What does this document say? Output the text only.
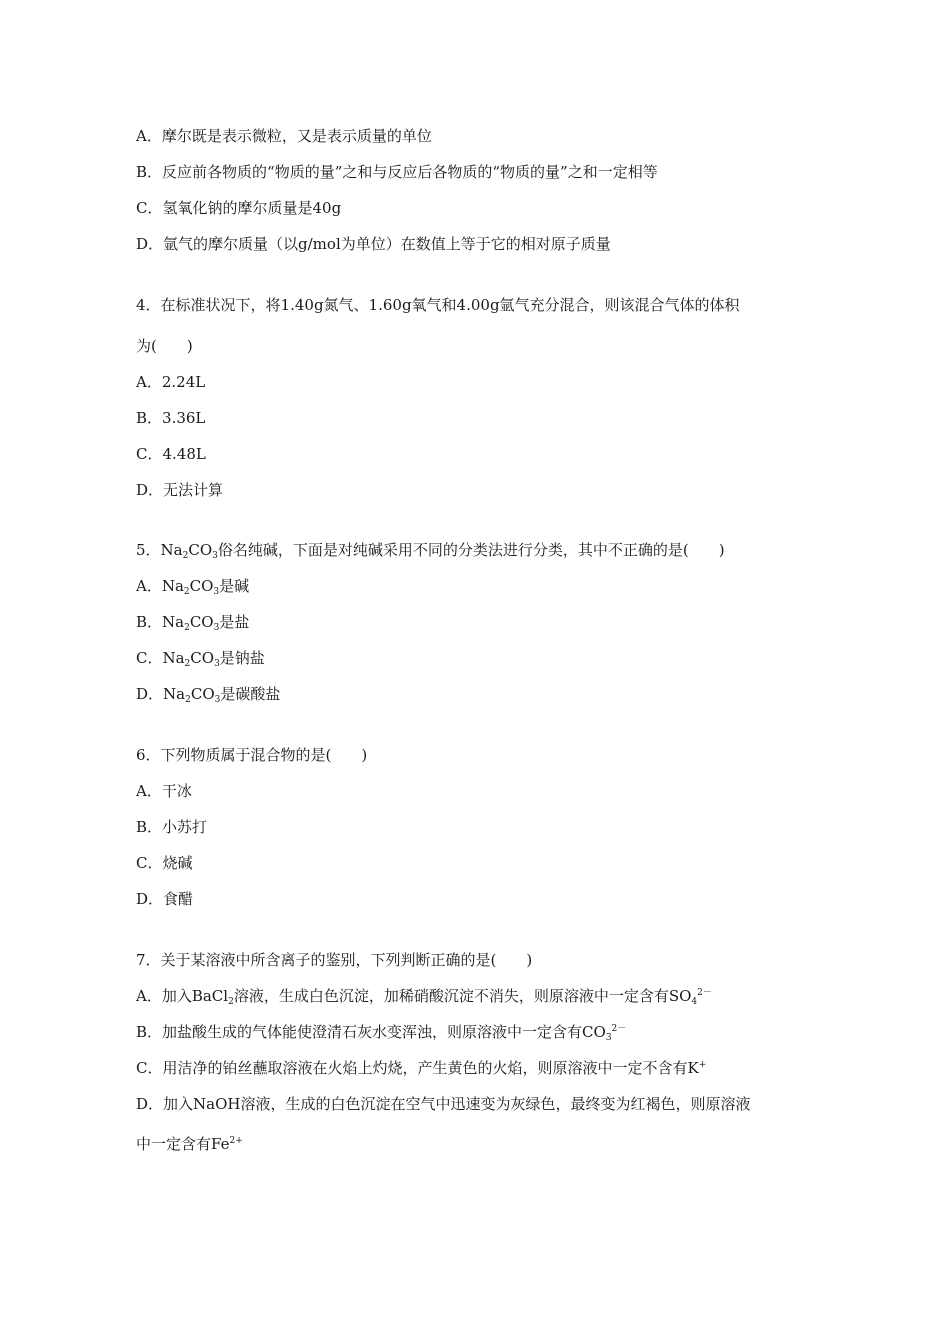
A．摩尔既是表示微粒，又是表示质量的单位
B．反应前各物质的“物质的量”之和与反应后各物质的“物质的量”之和一定相等
C．氢氧化钠的摩尔质量是40g
D．氩气的摩尔质量（以g/mol为单位）在数值上等于它的相对原子质量
4．在标准状况下，将1.40g氮气、1.60g氧气和4.00g氩气充分混合，则该混合气体的体积
为(　　)
A．2.24L
B．3.36L
C．4.48L
D．无法计算
5．$Na_2CO_3$俗名纯碱，下面是对纯碱采用不同的分类法进行分类，其中不正确的是(　　)
A．$Na_2CO_3$是碱
B．$Na_2CO_3$是盐
C．$Na_2CO_3$是钠盐
D．$Na_2CO_3$是碳酸盐
6．下列物质属于混合物的是(　　)
A．干冰
B．小苏打
C．烧碱
D．食醋
7．关于某溶液中所含离子的鉴别，下列判断正确的是(　　)
A．加入BaCl$_2$溶液，生成白色沉淀，加稀硝酸沉淀不消失，则原溶液中一定含有$SO_4^{2-}$
B．加盐酸生成的气体能使澄清石灰水变浑浊，则原溶液中一定含有$CO_3^{2-}$
C．用洁净的铂丝蘸取溶液在火焰上灼烧，产生黄色的火焰，则原溶液中一定不含有K+
D．加入NaOH溶液，生成的白色沉淀在空气中迅速变为灰绿色，最终变为红褐色，则原溶液
中一定含有$Fe^{2+}$
